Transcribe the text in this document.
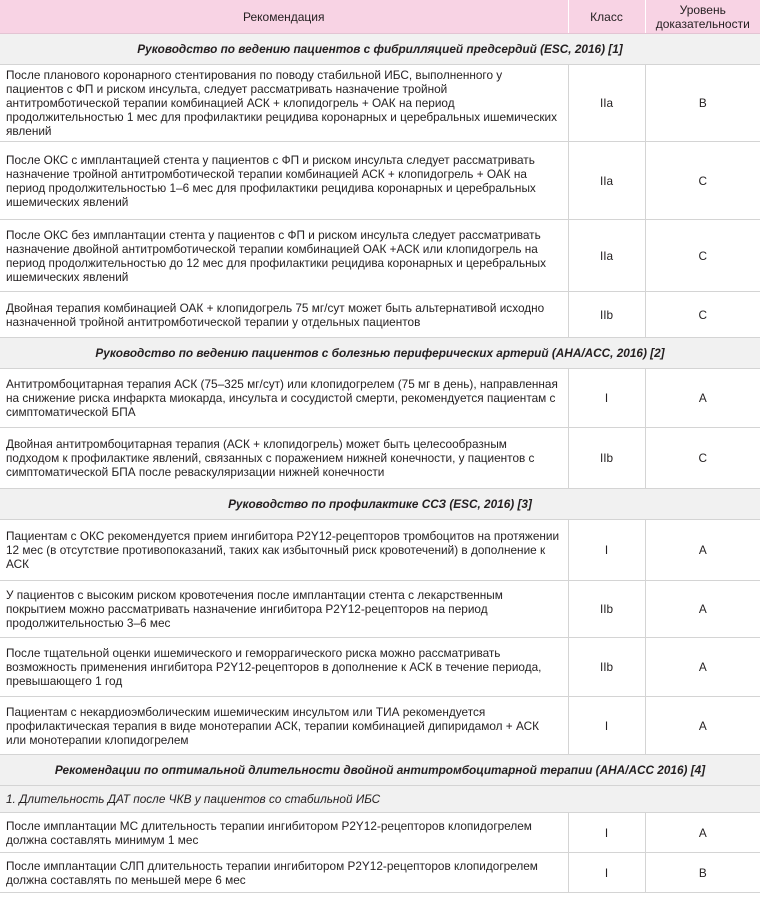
Рекомендация	Класс	Уровень доказательности
Руководство по ведению пациентов с фибрилляцией предсердий (ESC, 2016) [1]		
После планового коронарного стентирования по поводу стабильной ИБС, выполненного у пациентов с ФП и риском инсульта, следует рассматривать назначение тройной антитромботической терапии комбинацией АСК + клопидогрель + ОАК на период продолжительностью 1 мес для профилактики рецидива коронарных и церебральных ишемических явлений	IIa	B
После ОКС с имплантацией стента у пациентов с ФП и риском инсульта следует рассматривать назначение тройной антитромботической терапии комбинацией АСК + клопидогрель + ОАК на период продолжительностью 1–6 мес для профилактики рецидива коронарных и церебральных ишемических явлений	IIa	C
После ОКС без имплантации стента у пациентов с ФП и риском инсульта следует рассматривать назначение двойной антитромботической терапии комбинацией ОАК +АСК или клопидогрель на период продолжительностью до 12 мес для профилактики рецидива коронарных и церебральных ишемических явлений	IIa	C
Двойная терапия комбинацией ОАК + клопидогрель 75 мг/сут может быть альтернативой исходно назначенной тройной антитромботической терапии у отдельных пациентов	IIb	C
Руководство по ведению пациентов с болезнью периферических артерий (AHA/ACC, 2016) [2]		
Антитромбоцитарная терапия АСК (75–325 мг/сут) или клопидогрелем (75 мг в день), направленная на снижение риска инфаркта миокарда, инсульта и сосудистой смерти, рекомендуется пациентам с симптоматической БПА	I	A
Двойная антитромбоцитарная терапия (АСК + клопидогрель) может быть целесообразным подходом к профилактике явлений, связанных с поражением нижней конечности, у пациентов с симптоматической БПА после реваскуляризации нижней конечности	IIb	C
Руководство по профилактике ССЗ (ESC, 2016) [3]		
Пациентам с ОКС рекомендуется прием ингибитора P2Y12-рецепторов тромбоцитов на протяжении 12 мес (в отсутствие противопоказаний, таких как избыточный риск кровотечений) в дополнение к АСК	I	A
У пациентов с высоким риском кровотечения после имплантации стента с лекарственным покрытием можно рассматривать назначение ингибитора P2Y12-рецепторов на период продолжительностью 3–6 мес	IIb	A
После тщательной оценки ишемического и геморрагического риска можно рассматривать возможность применения ингибитора P2Y12-рецепторов в дополнение к АСК в течение периода, превышающего 1 год	IIb	A
Пациентам с некардиоэмболическим ишемическим инсультом или ТИА рекомендуется профилактическая терапия в виде монотерапии АСК, терапии комбинацией дипиридамол + АСК или монотерапии клопидогрелем	I	A
Рекомендации по оптимальной длительности двойной антитромбоцитарной терапии (AHA/ACC 2016) [4]		
1. Длительность ДАТ после ЧКВ у пациентов со стабильной ИБС		
После имплантации МС длительность терапии ингибитором P2Y12-рецепторов клопидогрелем должна составлять минимум 1 мес	I	A
После имплантации СЛП длительность терапии ингибитором P2Y12-рецепторов клопидогрелем должна составлять по меньшей мере 6 мес	I	B
